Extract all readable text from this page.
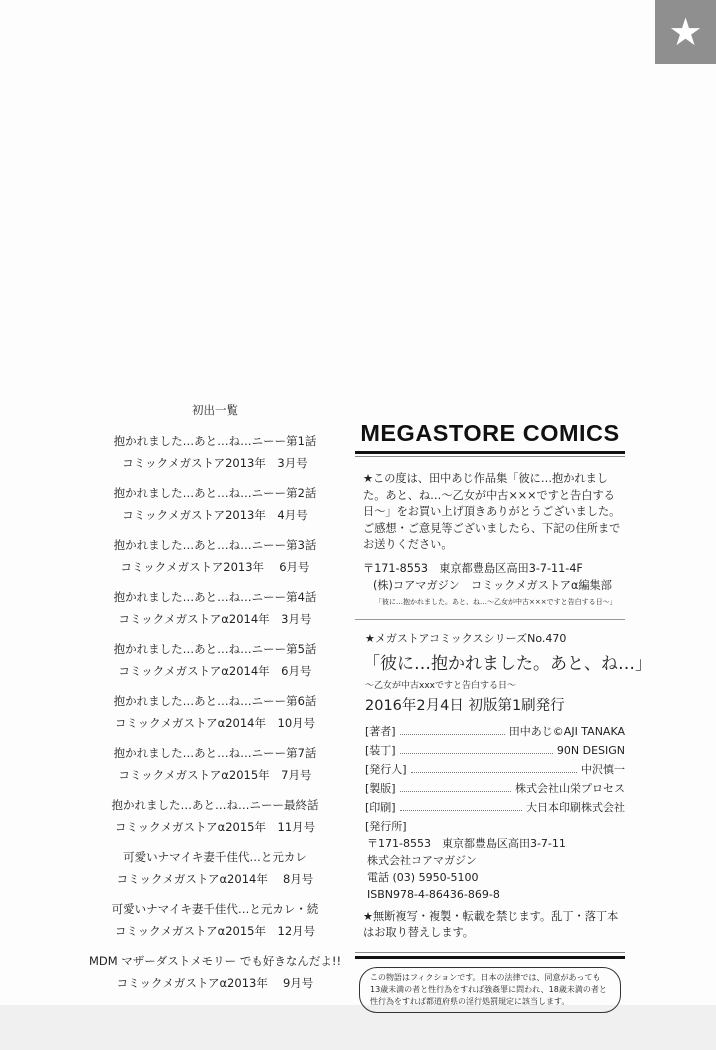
★
初出一覧
抱かれました…あと…ね…ニーー第1話
コミックメガストア2013年　3月号
抱かれました…あと…ね…ニーー第2話
コミックメガストア2013年　4月号
抱かれました…あと…ね…ニーー第3話
コミックメガストア2013年　 6月号
抱かれました…あと…ね…ニーー第4話
コミックメガストアα2014年　3月号
抱かれました…あと…ね…ニーー第5話
コミックメガストアα2014年　6月号
抱かれました…あと…ね…ニーー第6話
コミックメガストアα2014年　10月号
抱かれました…あと…ね…ニーー第7話
コミックメガストアα2015年　7月号
抱かれました…あと…ね…ニーー最終話
コミックメガストアα2015年　11月号
可愛いナマイキ妻千佳代…と元カレ
コミックメガストアα2014年　 8月号
可愛いナマイキ妻千佳代…と元カレ・続
コミックメガストアα2015年　12月号
MDM マザーダストメモリー でも好きなんだよ!!
コミックメガストアα2013年　 9月号
MEGASTORE COMICS
★この度は、田中あじ作品集「彼に…抱かれました。あと、ね…～乙女が中古×××ですと告白する日～」をお買い上げ頂きありがとうございました。ご感想・ご意見等ございましたら、下記の住所までお送りください。
〒171-8553　東京都豊島区高田3-7-11-4F
(株)コアマガジン　コミックメガストアα編集部
「彼に…抱かれました。あと、ね…～乙女が中古×××ですと告白する日～」
★メガストアコミックスシリーズNo.470
「彼に…抱かれました。あと、ね…」
～乙女が中古xxxですと告白する日～
2016年2月4日 初版第1刷発行
[著者]	田中あじ©AJI TANAKA
[装丁]	90N DESIGN
[発行人]	中沢慎一
[製版]	株式会社山栄プロセス
[印刷]	大日本印刷株式会社
[発行所]
〒171-8553　東京都豊島区高田3-7-11
株式会社コアマガジン
電話 (03) 5950-5100
ISBN978-4-86436-869-8
★無断複写・複製・転載を禁じます。乱丁・落丁本はお取り替えします。
この物語はフィクションです。日本の法律では、同意があっても13歳未満の者と性行為をすれば強姦罪に問われ、18歳未満の者と性行為をすれば都道府県の淫行処罰規定に該当します。
